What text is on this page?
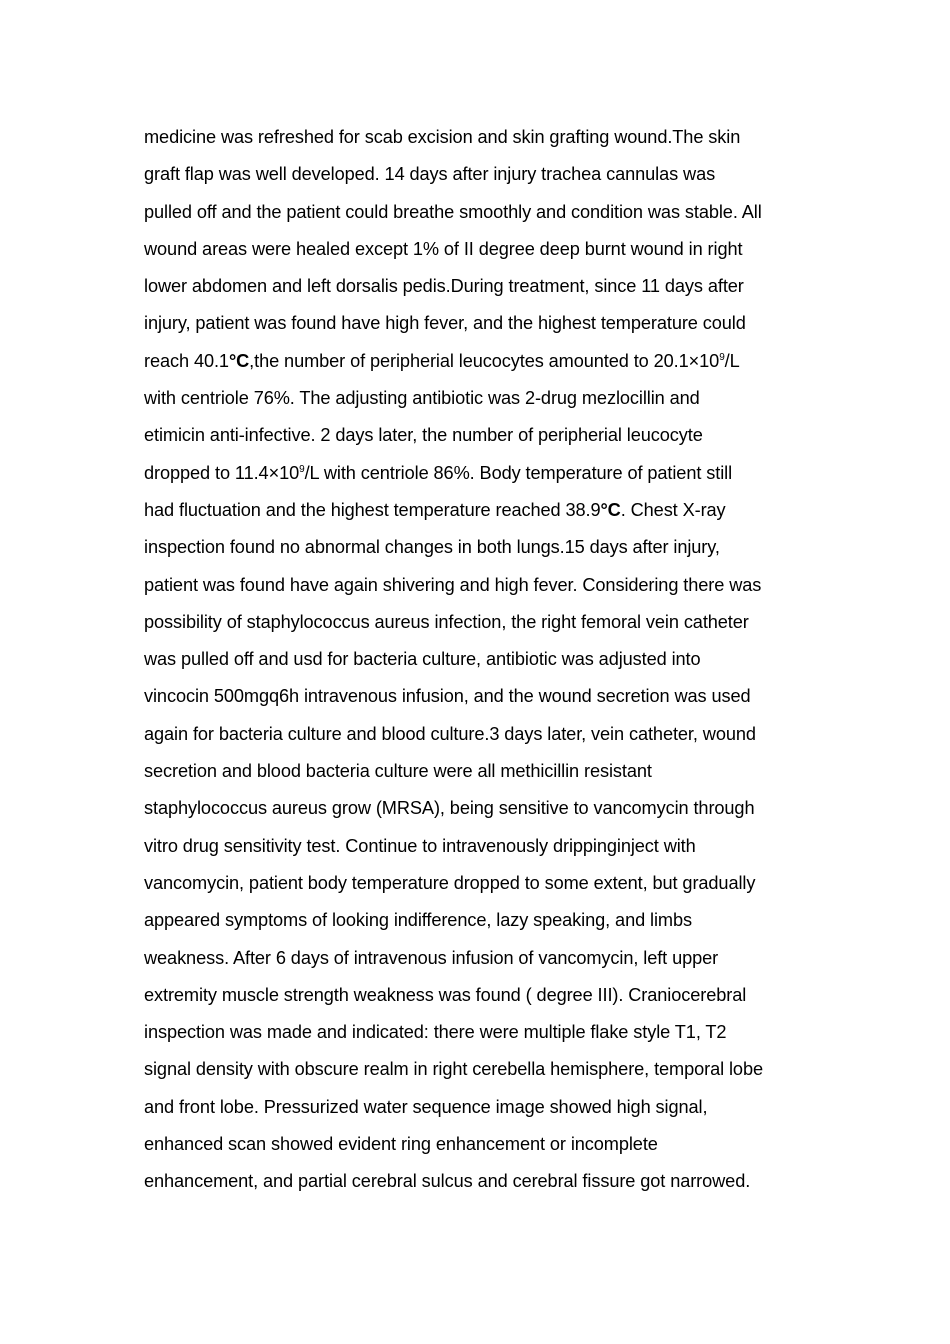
medicine was refreshed for scab excision and skin grafting wound.The skin
graft flap was well developed. 14 days after injury trachea cannulas was
pulled off and the patient could breathe smoothly and condition was stable. All
wound areas were healed except 1% of II degree deep burnt wound in right
lower abdomen and left dorsalis pedis.During treatment, since 11 days after
injury, patient was found have high fever, and the highest temperature could
reach 40.1°C,the number of peripherial leucocytes amounted to $20.1\times 10^9/L$
with centriole 76%. The adjusting antibiotic was 2-drug mezlocillin and
etimicin anti-infective. 2 days later, the number of peripherial leucocyte
dropped to $11.4\times 10^9/L$ with centriole 86%. Body temperature of patient still
had fluctuation and the highest temperature reached 38.9°C. Chest X-ray
inspection found no abnormal changes in both lungs.15 days after injury,
patient was found have again shivering and high fever. Considering there was
possibility of staphylococcus aureus infection, the right femoral vein catheter
was pulled off and usd for bacteria culture, antibiotic was adjusted into
vincocin 500mgq6h intravenous infusion, and the wound secretion was used
again for bacteria culture and blood culture.3 days later, vein catheter, wound
secretion and blood bacteria culture were all methicillin resistant
staphylococcus aureus grow (MRSA), being sensitive to vancomycin through
vitro drug sensitivity test. Continue to intravenously drippinginject with
vancomycin, patient body temperature dropped to some extent, but gradually
appeared symptoms of looking indifference, lazy speaking, and limbs
weakness. After 6 days of intravenous infusion of vancomycin, left upper
extremity muscle strength weakness was found ( degree III). Craniocerebral
inspection was made and indicated: there were multiple flake style T1, T2
signal density with obscure realm in right cerebella hemisphere, temporal lobe
and front lobe. Pressurized water sequence image showed high signal,
enhanced scan showed evident ring enhancement or incomplete
enhancement, and partial cerebral sulcus and cerebral fissure got narrowed.
